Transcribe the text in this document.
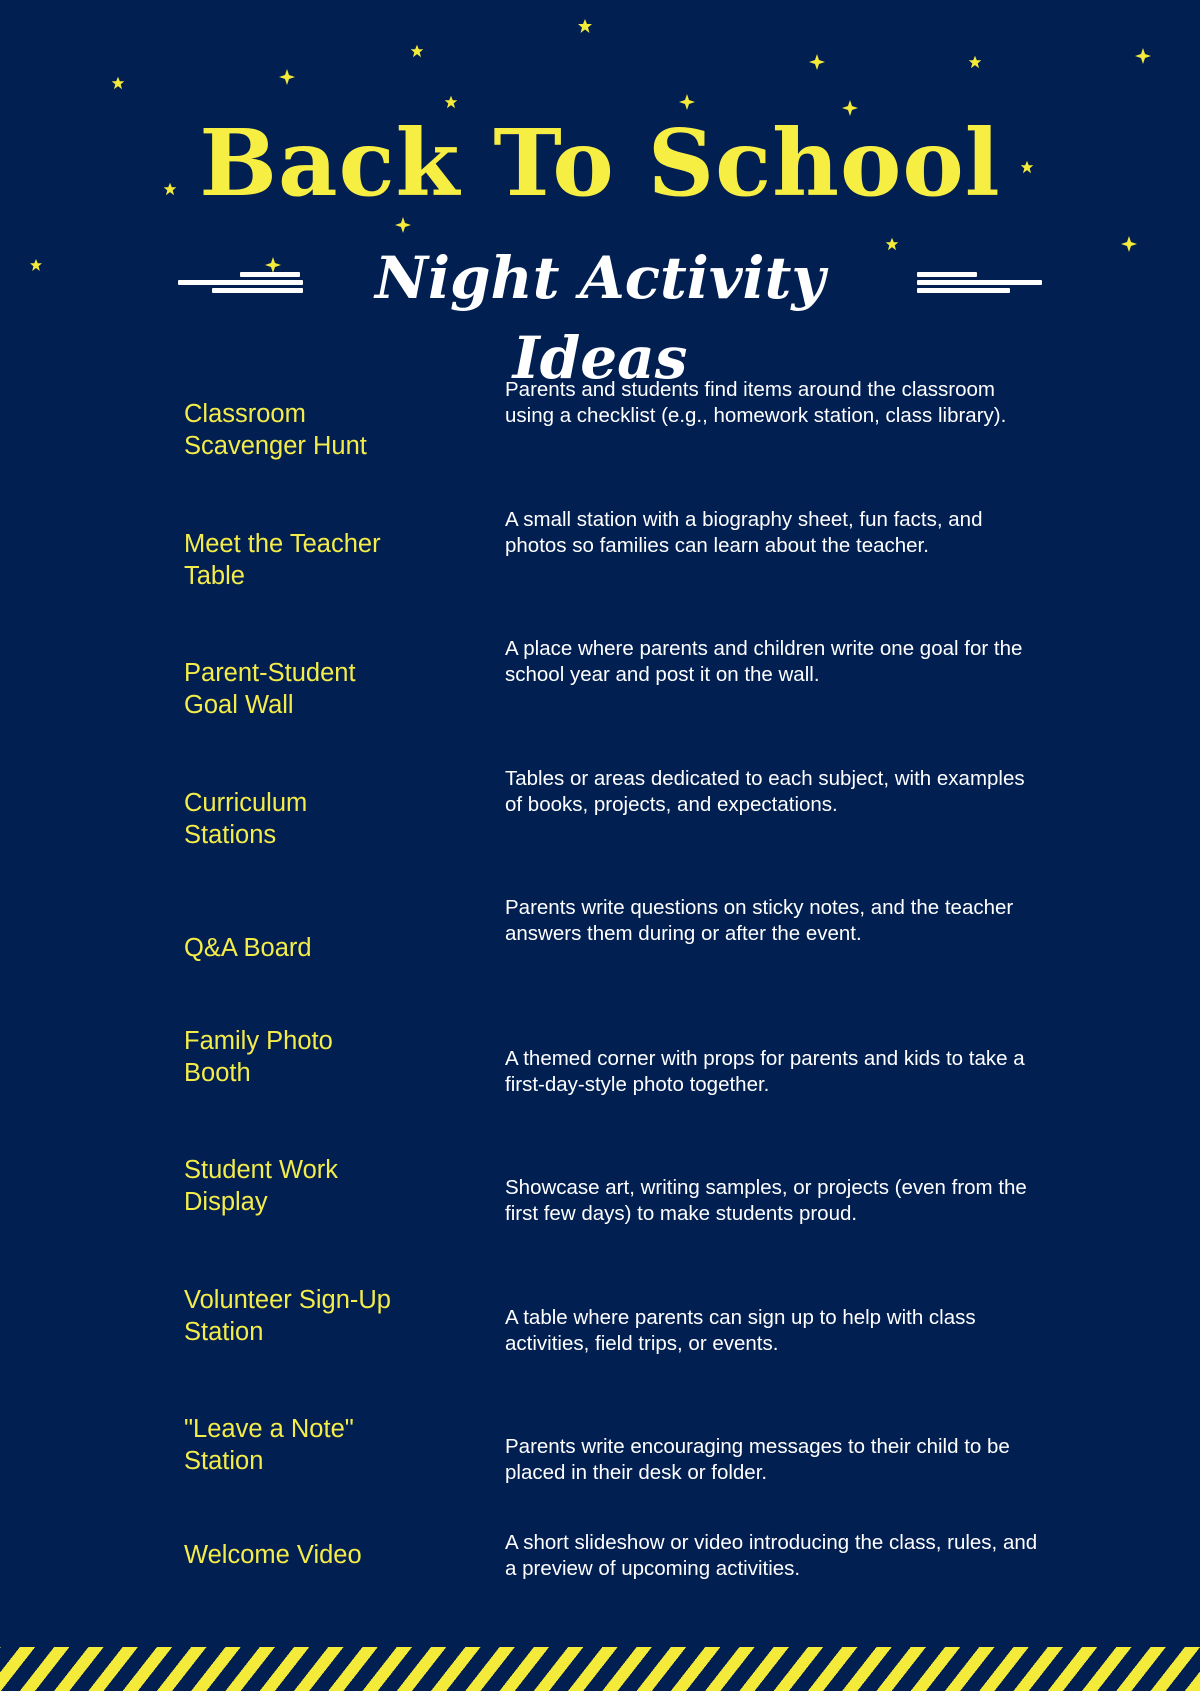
Back To School
Night Activity Ideas
Classroom Scavenger Hunt
Parents and students find items around the classroom using a checklist (e.g., homework station, class library).
Meet the Teacher Table
A small station with a biography sheet, fun facts, and photos so families can learn about the teacher.
Parent-Student Goal Wall
A place where parents and children write one goal for the school year and post it on the wall.
Curriculum Stations
Tables or areas dedicated to each subject, with examples of books, projects, and expectations.
Q&A Board
Parents write questions on sticky notes, and the teacher answers them during or after the event.
Family Photo Booth
A themed corner with props for parents and kids to take a first-day-style photo together.
Student Work Display
Showcase art, writing samples, or projects (even from the first few days) to make students proud.
Volunteer Sign-Up Station
A table where parents can sign up to help with class activities, field trips, or events.
"Leave a Note" Station
Parents write encouraging messages to their child to be placed in their desk or folder.
Welcome Video	A short slideshow or video introducing the class, rules, and a preview of upcoming activities.
